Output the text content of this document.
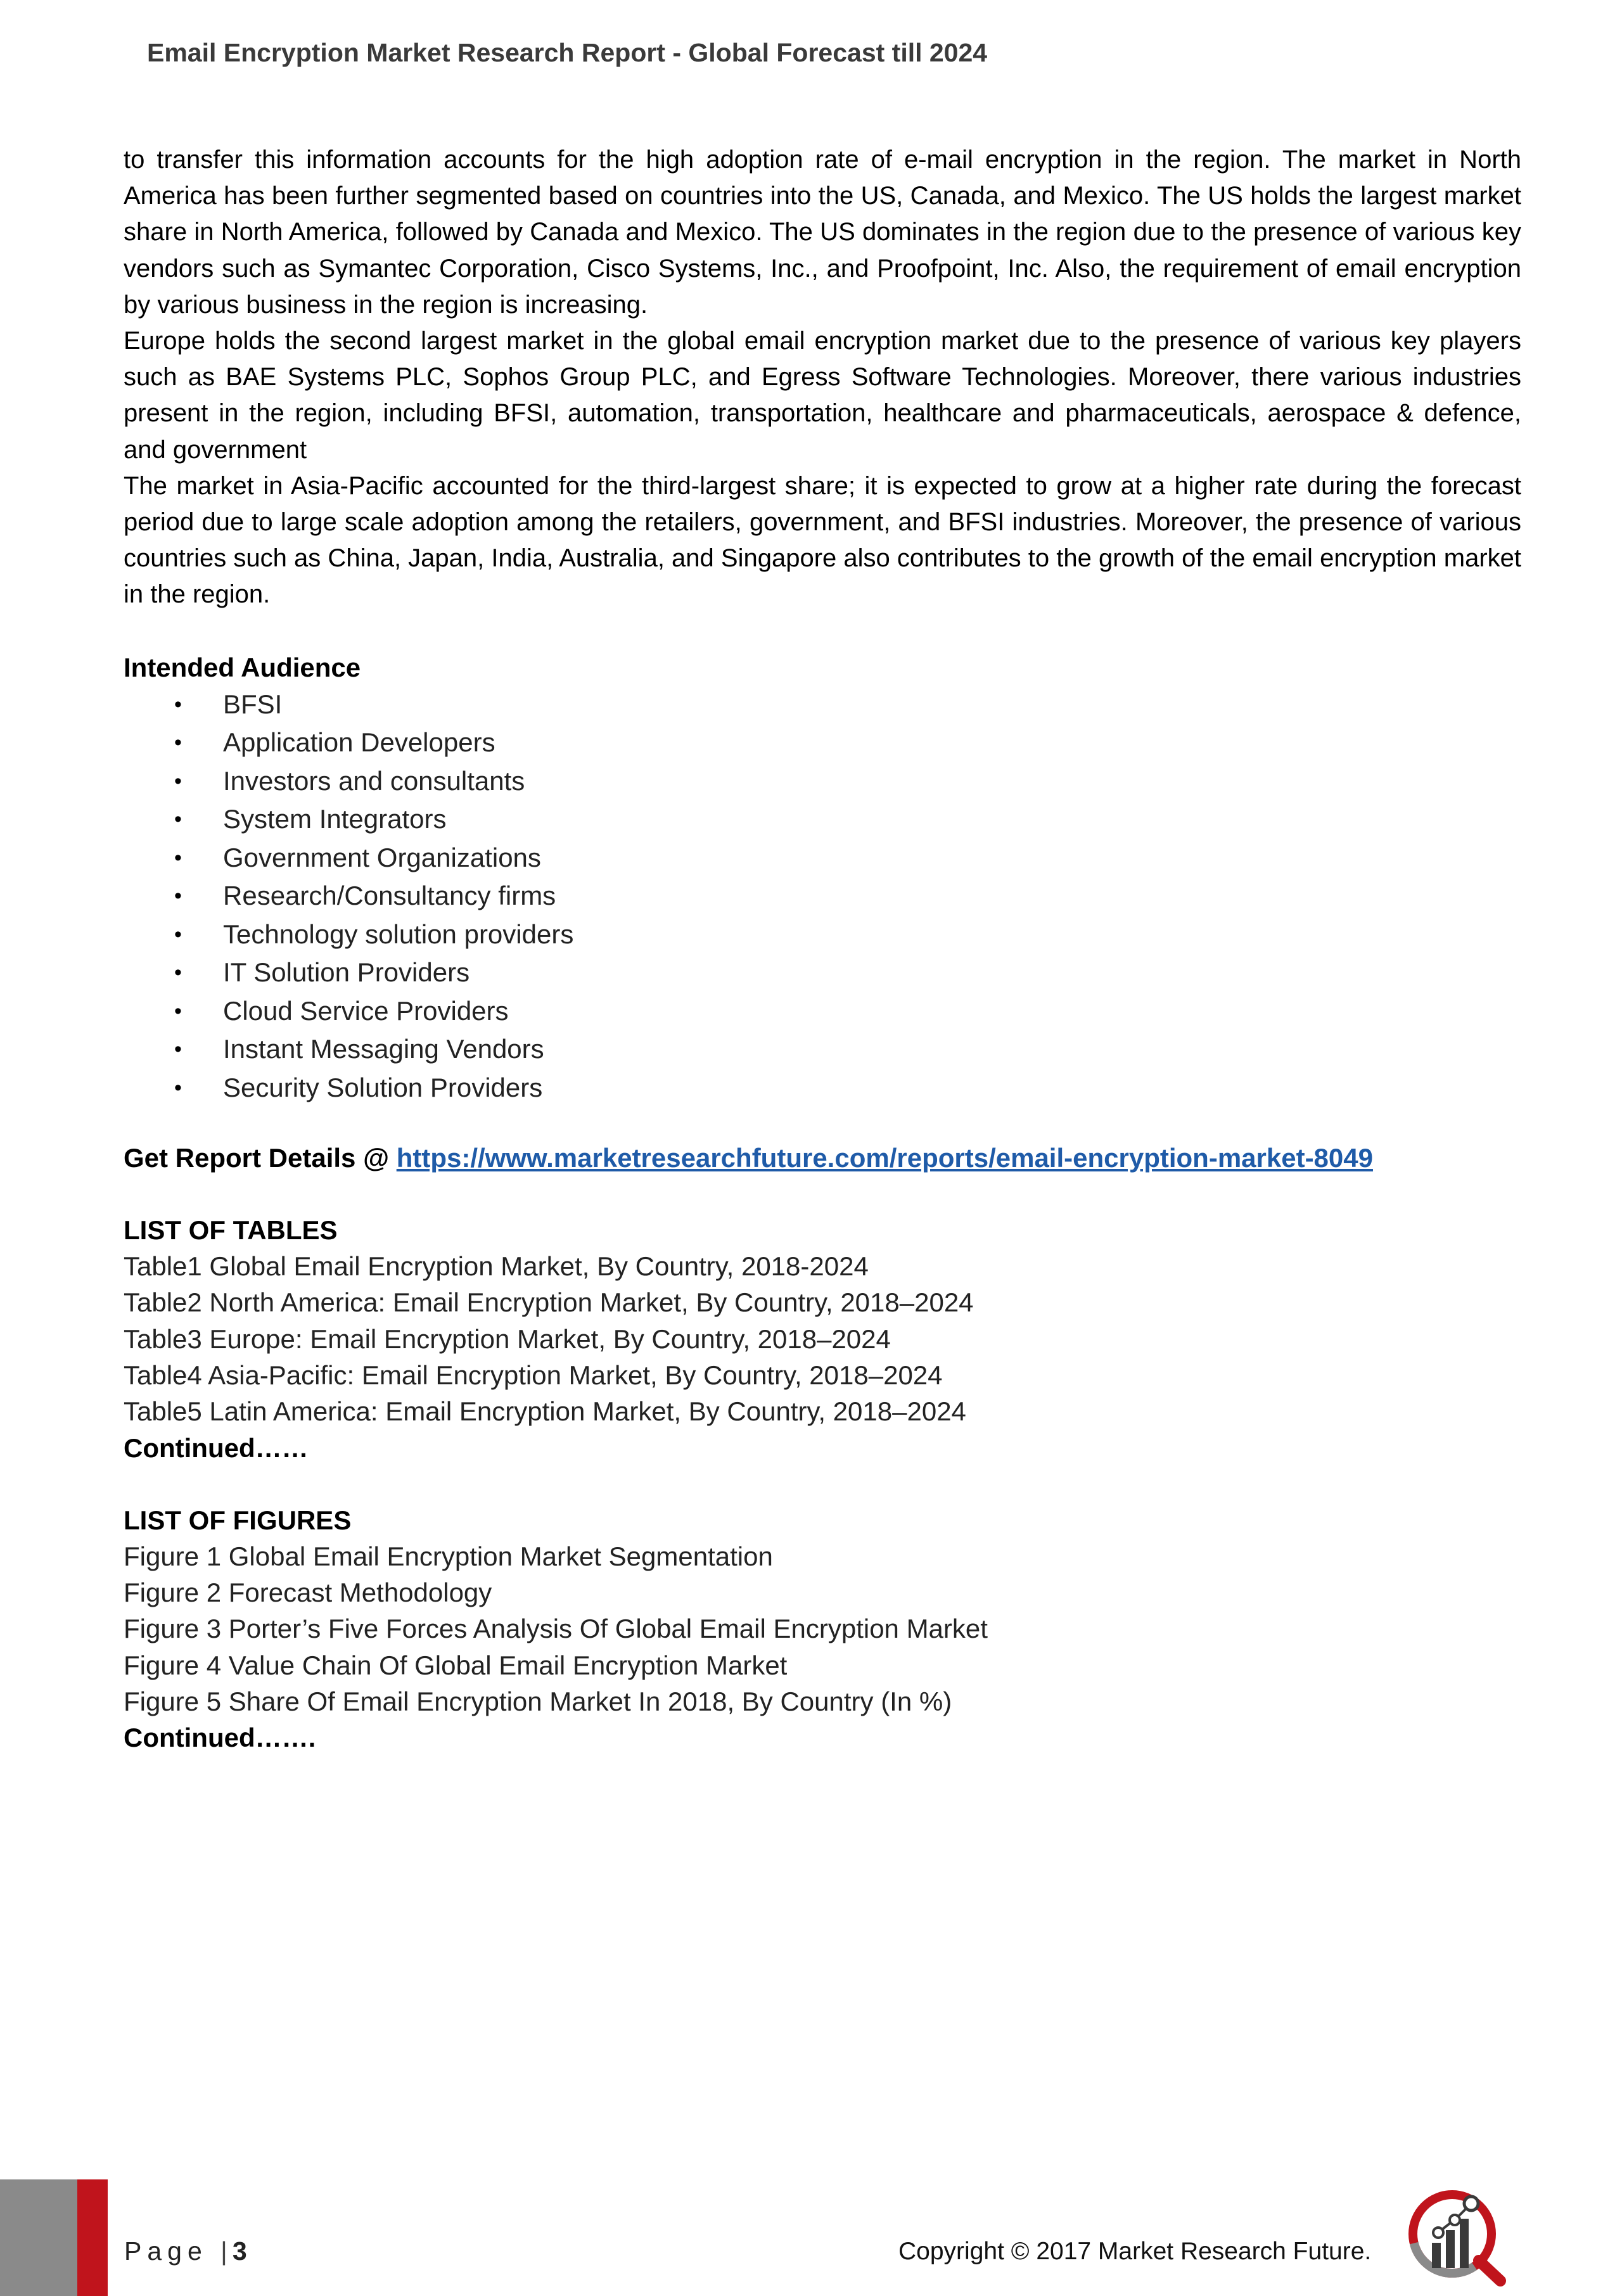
Email Encryption Market Research Report - Global Forecast till 2024

to transfer this information accounts for the high adoption rate of e-mail encryption in the region. The market in North America has been further segmented based on countries into the US, Canada, and Mexico. The US holds the largest market share in North America, followed by Canada and Mexico. The US dominates in the region due to the presence of various key vendors such as Symantec Corporation, Cisco Systems, Inc., and Proofpoint, Inc. Also, the requirement of email encryption by various business in the region is increasing.

Europe holds the second largest market in the global email encryption market due to the presence of various key players such as BAE Systems PLC, Sophos Group PLC, and Egress Software Technologies. Moreover, there various industries present in the region, including BFSI, automation, transportation, healthcare and pharmaceuticals, aerospace & defence, and government

The market in Asia-Pacific accounted for the third-largest share; it is expected to grow at a higher rate during the forecast period due to large scale adoption among the retailers, government, and BFSI industries. Moreover, the presence of various countries such as China, Japan, India, Australia, and Singapore also contributes to the growth of the email encryption market in the region.

Intended Audience
• BFSI
• Application Developers
• Investors and consultants
• System Integrators
• Government Organizations
• Research/Consultancy firms
• Technology solution providers
• IT Solution Providers
• Cloud Service Providers
• Instant Messaging Vendors
• Security Solution Providers
Get Report Details @ https://www.marketresearchfuture.com/reports/email-encryption-market-8049
LIST OF TABLES
Table1 Global Email Encryption Market, By Country, 2018-2024
Table2 North America: Email Encryption Market, By Country, 2018–2024
Table3 Europe: Email Encryption Market, By Country, 2018–2024
Table4 Asia-Pacific: Email Encryption Market, By Country, 2018–2024
Table5 Latin America: Email Encryption Market, By Country, 2018–2024
Continued……
LIST OF FIGURES
Figure 1 Global Email Encryption Market Segmentation
Figure 2 Forecast Methodology
Figure 3 Porter’s Five Forces Analysis Of Global Email Encryption Market
Figure 4 Value Chain Of Global Email Encryption Market
Figure 5 Share Of Email Encryption Market In 2018, By Country (In %)
Continued…….
Page | 3	Copyright © 2017 Market Research Future.
